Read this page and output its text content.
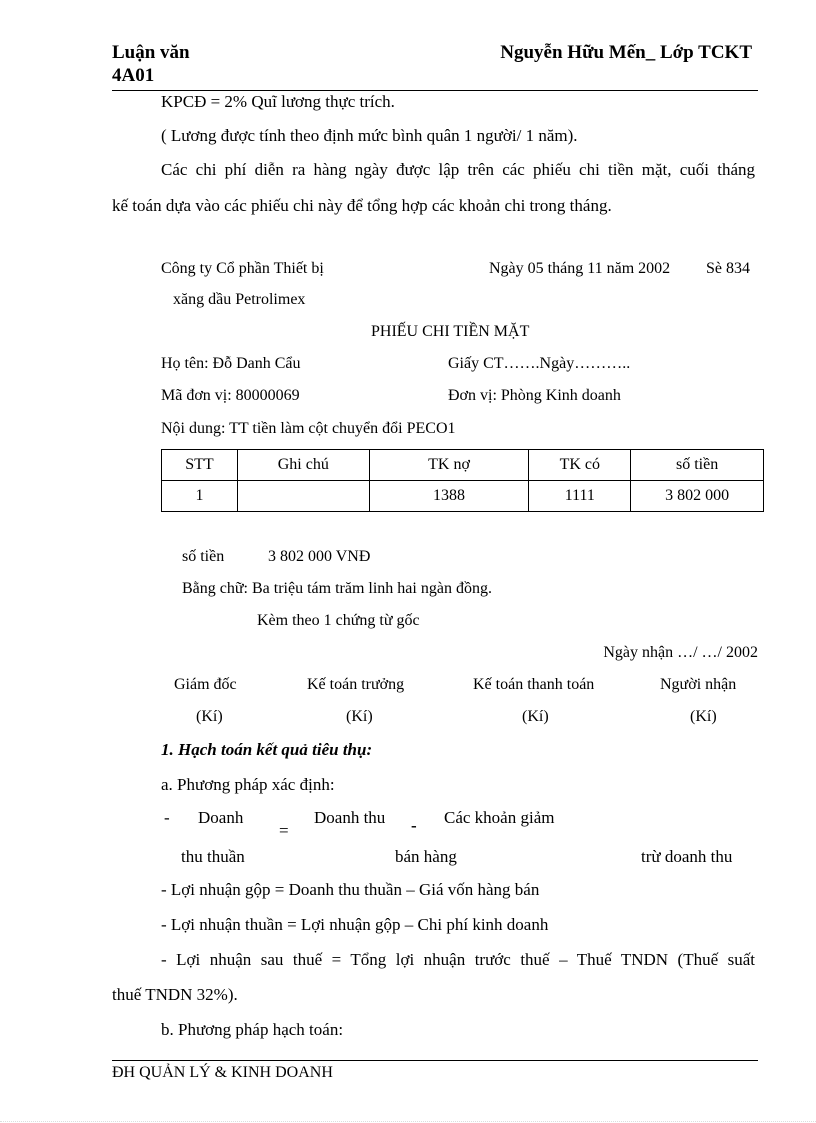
Luận văn
4A01
Nguyễn Hữu Mến_ Lớp TCKT
KPCĐ = 2% Quĩ lương thực trích.
( Lương được tính theo định mức bình quân 1 người/ 1 năm).
Các chi phí diễn ra hàng ngày được lập trên các phiếu chi tiền mặt, cuối tháng
kế toán dựa vào các phiếu chi này để tổng hợp các khoản chi trong tháng.
Công ty Cổ phần Thiết bị
xăng dầu Petrolimex
Ngày 05 tháng 11 năm 2002 Sè 834
PHIẾU CHI TIỀN MẶT
Họ tên: Đỗ Danh Cẩu	Giấy CT…….Ngày………..
Mã đơn vị: 80000069	Đơn vị: Phòng Kinh doanh
Nội dung: TT tiền làm cột chuyển đổi PECO1
STT	Ghi chú	TK nợ	TK có	số tiền
1		1388	1111	3 802 000
số tiền	3 802 000 VNĐ
Bằng chữ: Ba triệu tám trăm linh hai ngàn đồng.
Kèm theo 1 chứng từ gốc
Ngày nhận …/ …/ 2002
Giám đốc	Kế toán trưởng	Kế toán thanh toán	Người nhận
(Kí)	(Kí)	(Kí)	(Kí)
1. Hạch toán kết quả tiêu thụ:
a. Phương pháp xác định:
- Doanh
thu thuần
=
Doanh thu
bán hàng
- Các khoản giảm
trừ doanh thu
- Lợi nhuận gộp = Doanh thu thuần – Giá vốn hàng bán
- Lợi nhuận thuần = Lợi nhuận gộp – Chi phí kinh doanh
- Lợi nhuận sau thuế = Tổng lợi nhuận trước thuế – Thuế TNDN (Thuế suất
thuế TNDN 32%).
b. Phương pháp hạch toán:
ĐH QUẢN LÝ & KINH DOANH
